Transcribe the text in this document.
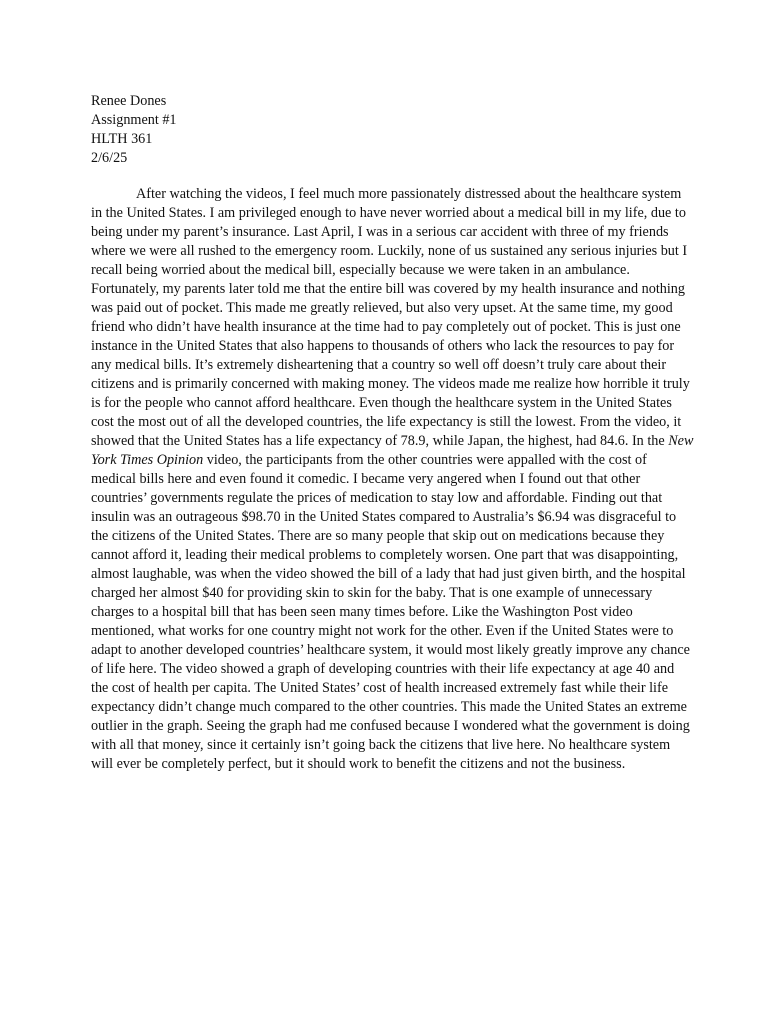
Renee Dones
Assignment #1
HLTH 361
2/6/25
After watching the videos, I feel much more passionately distressed about the healthcare system
in the United States. I am privileged enough to have never worried about a medical bill in my life, due to
being under my parent’s insurance. Last April, I was in a serious car accident with three of my friends
where we were all rushed to the emergency room. Luckily, none of us sustained any serious injuries but I
recall being worried about the medical bill, especially because we were taken in an ambulance.
Fortunately, my parents later told me that the entire bill was covered by my health insurance and nothing
was paid out of pocket. This made me greatly relieved, but also very upset. At the same time, my good
friend who didn’t have health insurance at the time had to pay completely out of pocket. This is just one
instance in the United States that also happens to thousands of others who lack the resources to pay for
any medical bills. It’s extremely disheartening that a country so well off doesn’t truly care about their
citizens and is primarily concerned with making money. The videos made me realize how horrible it truly
is for the people who cannot afford healthcare. Even though the healthcare system in the United States
cost the most out of all the developed countries, the life expectancy is still the lowest. From the video, it
showed that the United States has a life expectancy of 78.9, while Japan, the highest, had 84.6. In the New
York Times Opinion video, the participants from the other countries were appalled with the cost of
medical bills here and even found it comedic. I became very angered when I found out that other
countries’ governments regulate the prices of medication to stay low and affordable. Finding out that
insulin was an outrageous $98.70 in the United States compared to Australia’s $6.94 was disgraceful to
the citizens of the United States. There are so many people that skip out on medications because they
cannot afford it, leading their medical problems to completely worsen. One part that was disappointing,
almost laughable, was when the video showed the bill of a lady that had just given birth, and the hospital
charged her almost $40 for providing skin to skin for the baby. That is one example of unnecessary
charges to a hospital bill that has been seen many times before. Like the Washington Post video
mentioned, what works for one country might not work for the other. Even if the United States were to
adapt to another developed countries’ healthcare system, it would most likely greatly improve any chance
of life here. The video showed a graph of developing countries with their life expectancy at age 40 and
the cost of health per capita. The United States’ cost of health increased extremely fast while their life
expectancy didn’t change much compared to the other countries. This made the United States an extreme
outlier in the graph. Seeing the graph had me confused because I wondered what the government is doing
with all that money, since it certainly isn’t going back the citizens that live here. No healthcare system
will ever be completely perfect, but it should work to benefit the citizens and not the business.
